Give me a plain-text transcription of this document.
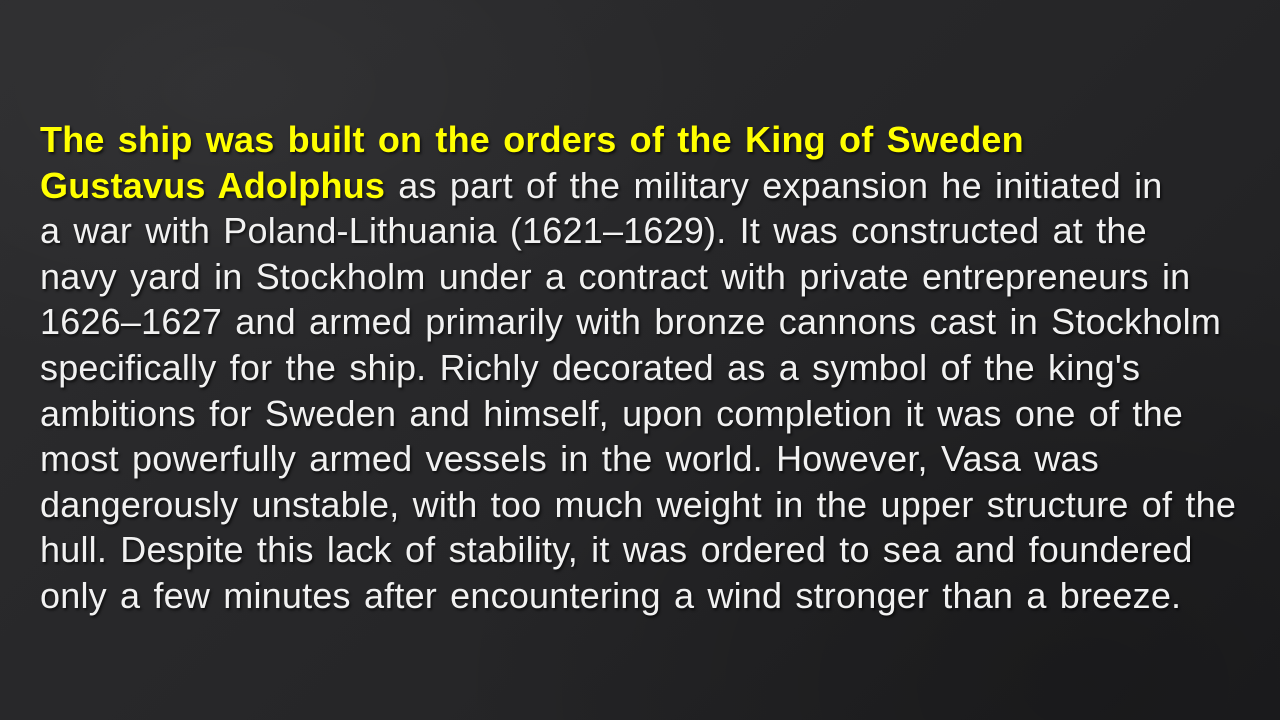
The ship was built on the orders of the King of Sweden
Gustavus Adolphus as part of the military expansion he initiated in
a war with Poland-Lithuania (1621–1629). It was constructed at the
navy yard in Stockholm under a contract with private entrepreneurs in
1626–1627 and armed primarily with bronze cannons cast in Stockholm
specifically for the ship. Richly decorated as a symbol of the king's
ambitions for Sweden and himself, upon completion it was one of the
most powerfully armed vessels in the world. However, Vasa was
dangerously unstable, with too much weight in the upper structure of the
hull. Despite this lack of stability, it was ordered to sea and foundered
only a few minutes after encountering a wind stronger than a breeze.
